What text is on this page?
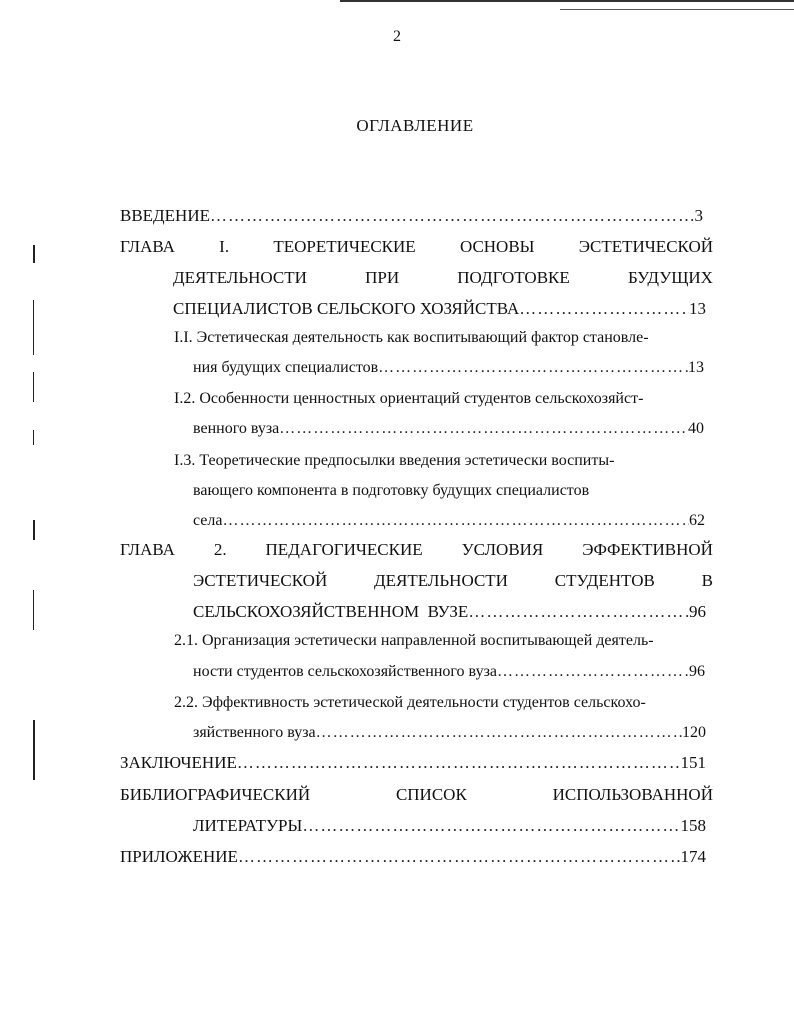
2
ОГЛАВЛЕНИЕ
ВВЕДЕНИЕ ……………………………………………………………………………………………………………………………………………………	3
ГЛАВА	I.	ТЕОРЕТИЧЕСКИЕ	ОСНОВЫ	ЭСТЕТИЧЕСКОЙ
ДЕЯТЕЛЬНОСТИ	ПРИ	ПОДГОТОВКЕ	БУДУЩИХ
СПЕЦИАЛИСТОВ СЕЛЬСКОГО ХОЗЯЙСТВА ……………………………………………………………………………………………………………………………………………………	13
I.I. Эстетическая деятельность как воспитывающий фактор становле-
ния будущих специалистов ……………………………………………………………………………………………………………………………………………………	13
I.2. Особенности ценностных ориентаций студентов сельскохозяйст-
венного вуза ……………………………………………………………………………………………………………………………………………………	40
I.3. Теоретические предпосылки введения эстетически воспиты-
вающего компонента в подготовку будущих специалистов
села ……………………………………………………………………………………………………………………………………………………	62
ГЛАВА 2. ПЕДАГОГИЧЕСКИЕ УСЛОВИЯ ЭФФЕКТИВНОЙ
ЭСТЕТИЧЕСКОЙ	ДЕЯТЕЛЬНОСТИ	СТУДЕНТОВ	В
СЕЛЬСКОХОЗЯЙСТВЕННОМ  ВУЗЕ ……………………………………………………………………………………………………………………………………………………	96
2.1. Организация эстетически направленной воспитывающей деятель-
ности студентов сельскохозяйственного вуза ……………………………………………………………………………………………………………………………………………………	96
2.2. Эффективность эстетической деятельности студентов сельскохо-
зяйственного вуза ……………………………………………………………………………………………………………………………………………………	120
ЗАКЛЮЧЕНИЕ ……………………………………………………………………………………………………………………………………………………	151
БИБЛИОГРАФИЧЕСКИЙ	СПИСОК	ИСПОЛЬЗОВАННОЙ
ЛИТЕРАТУРЫ ……………………………………………………………………………………………………………………………………………………	158
ПРИЛОЖЕНИЕ ……………………………………………………………………………………………………………………………………………………	174
